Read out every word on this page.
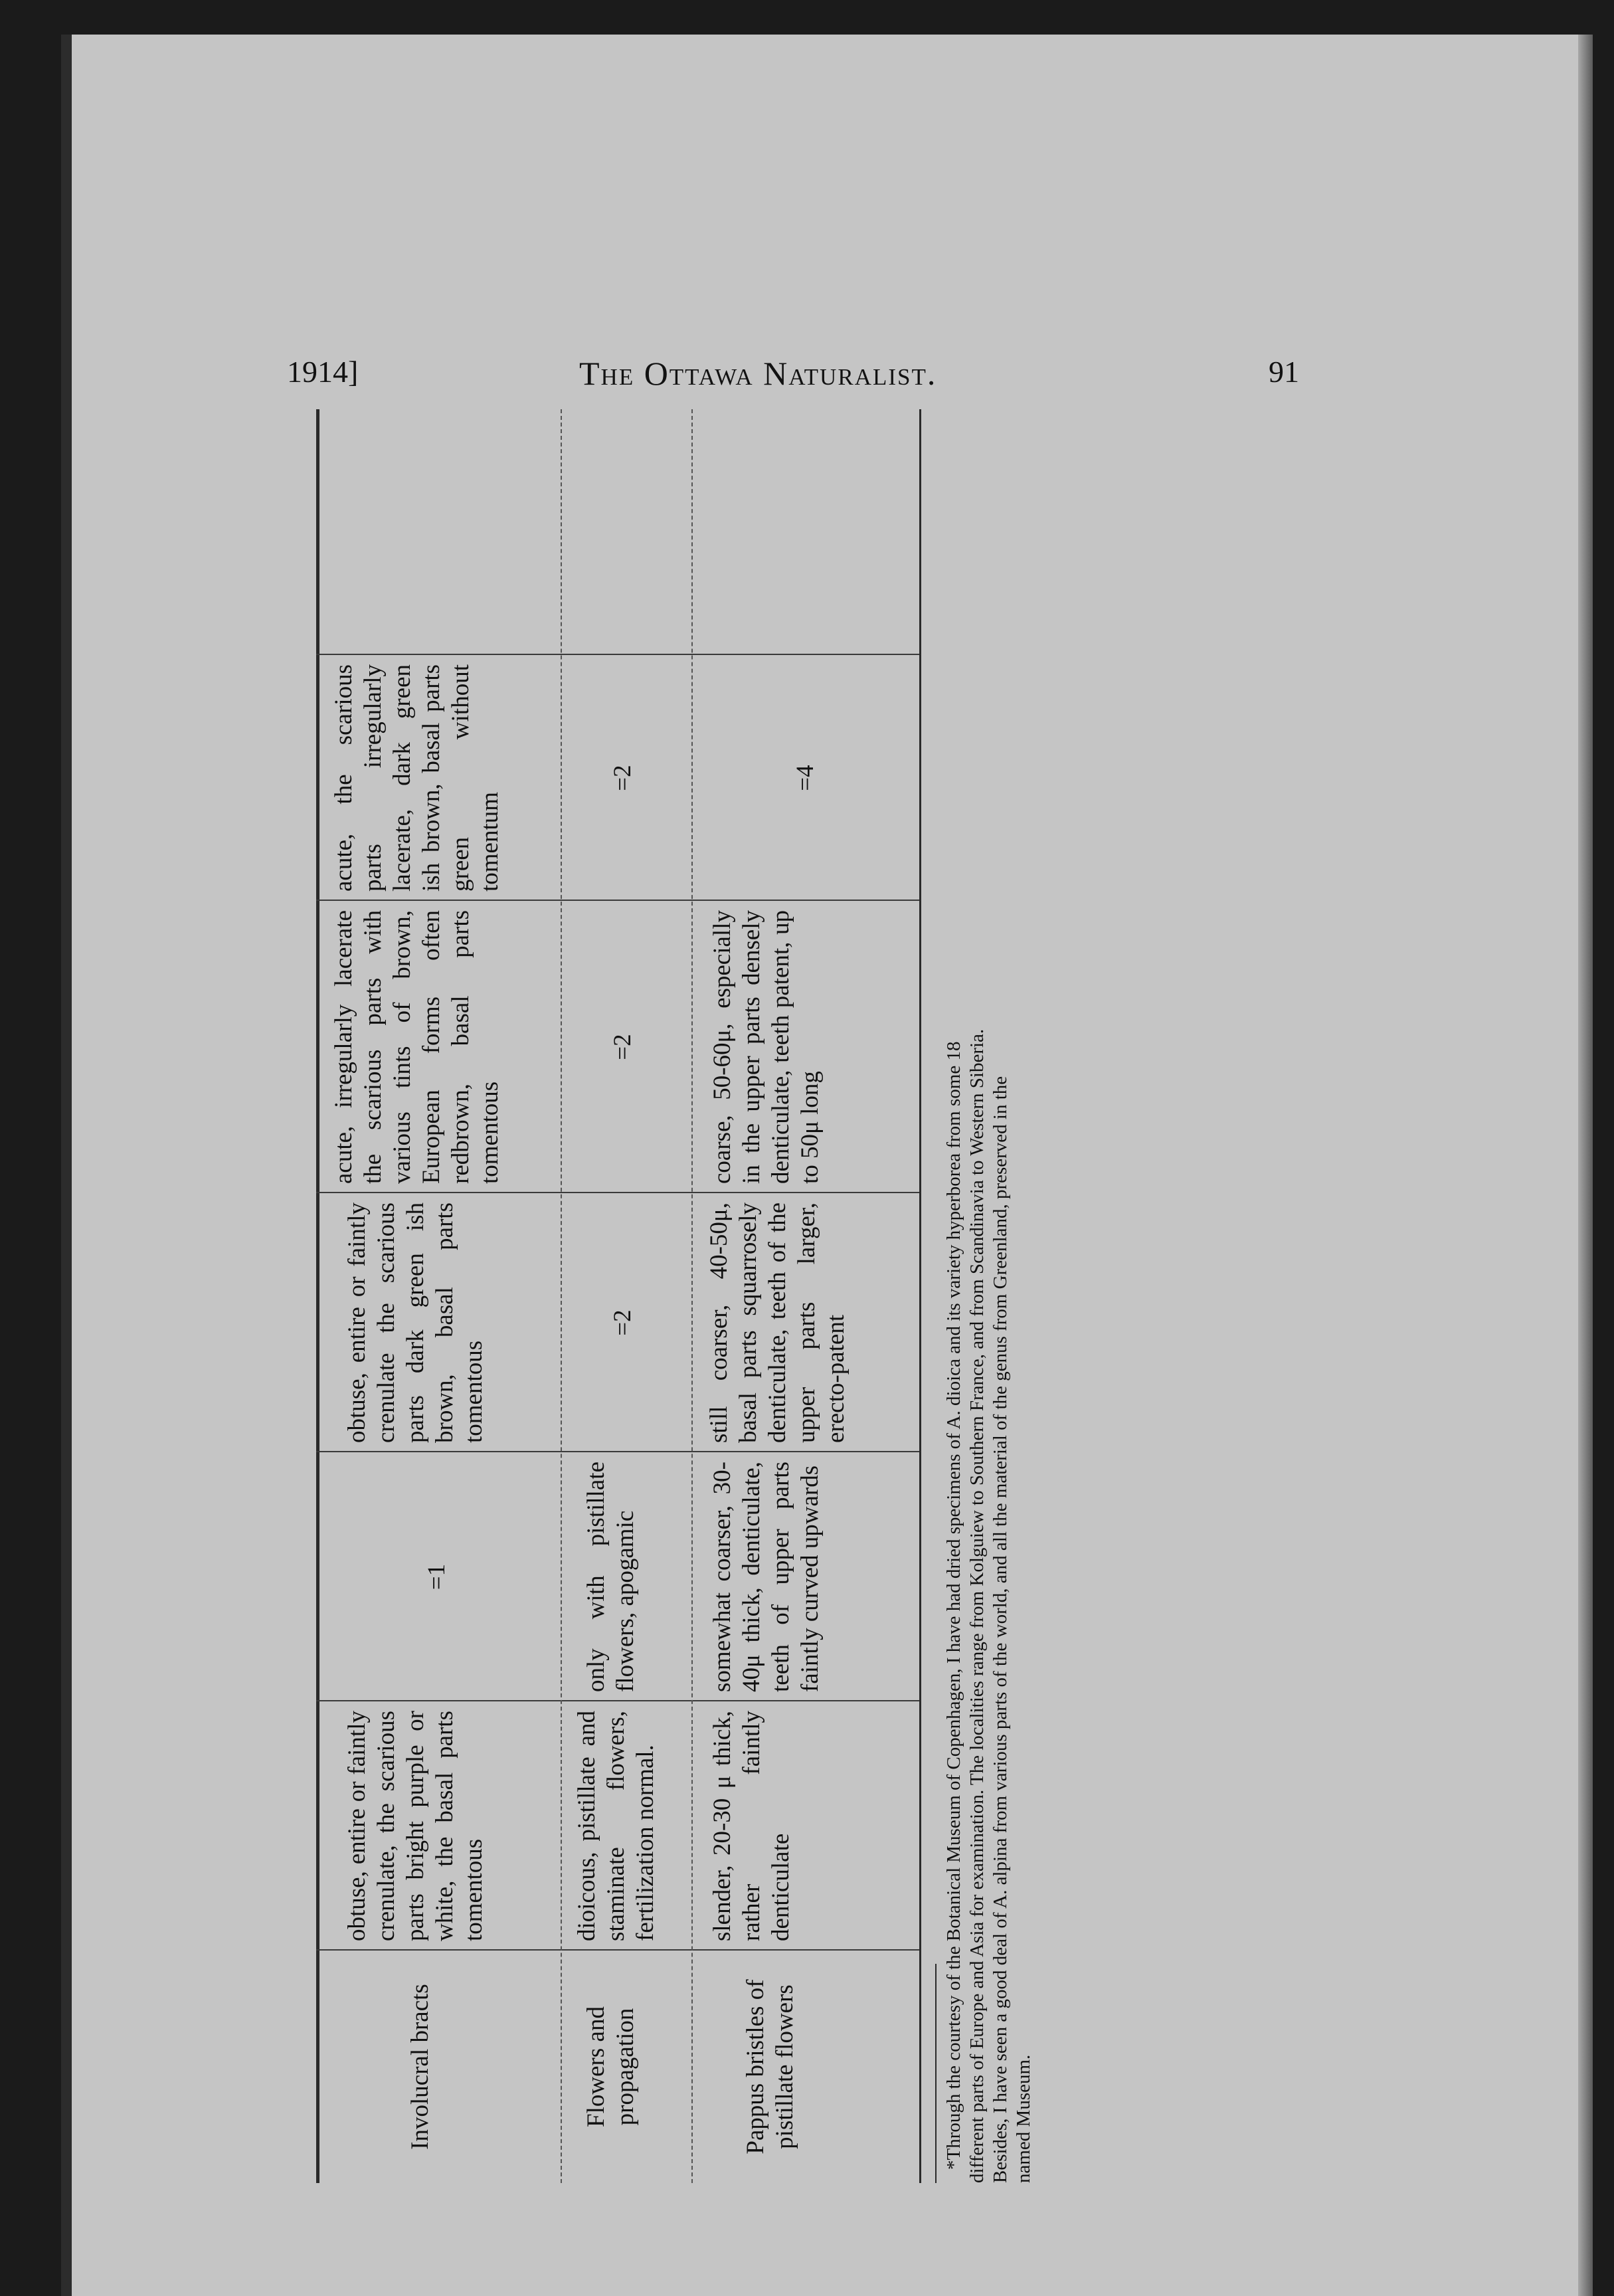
1914]	The Ottawa Naturalist.	91

Involucral bracts

obtuse, entire or faintly crenulate, the scarious parts bright purple or white, the basal parts tomentous

=1

obtuse, entire or faintly crenulate the scarious parts dark green ish brown, basal parts tomentous

acute, irregularly lacerate the scarious parts with various tints of brown, European forms often redbrown, basal parts tomentous

acute, the scarious parts irregularly lacerate, dark green ish brown, basal parts green without tomentum

Flowers and propagation

dioicous, pistillate and staminate flowers, fertilization normal.

only with pistillate flowers, apogamic

=2

=2

=2

Pappus bristles of pistillate flowers

slender, 20-30 μ thick, rather faintly denticulate

somewhat coarser, 30-40μ thick, denticulate, teeth of upper parts faintly curved upwards

still coarser, 40-50μ, basal parts squarrosely denticulate, teeth of the upper parts larger, erecto-patent

coarse, 50-60μ, especially in the upper parts densely denticulate, teeth patent, up to 50μ long

=4

*Through the courtesy of the Botanical Museum of Copenhagen, I have had dried specimens of A. dioica and its variety hyperborea from some 18 different parts of Europe and Asia for examination. The localities range from Kolguiew to Southern France, and from Scandinavia to Western Siberia. Besides, I have seen a good deal of A. alpina from various parts of the world, and all the material of the genus from Greenland, preserved in the named Museum.
